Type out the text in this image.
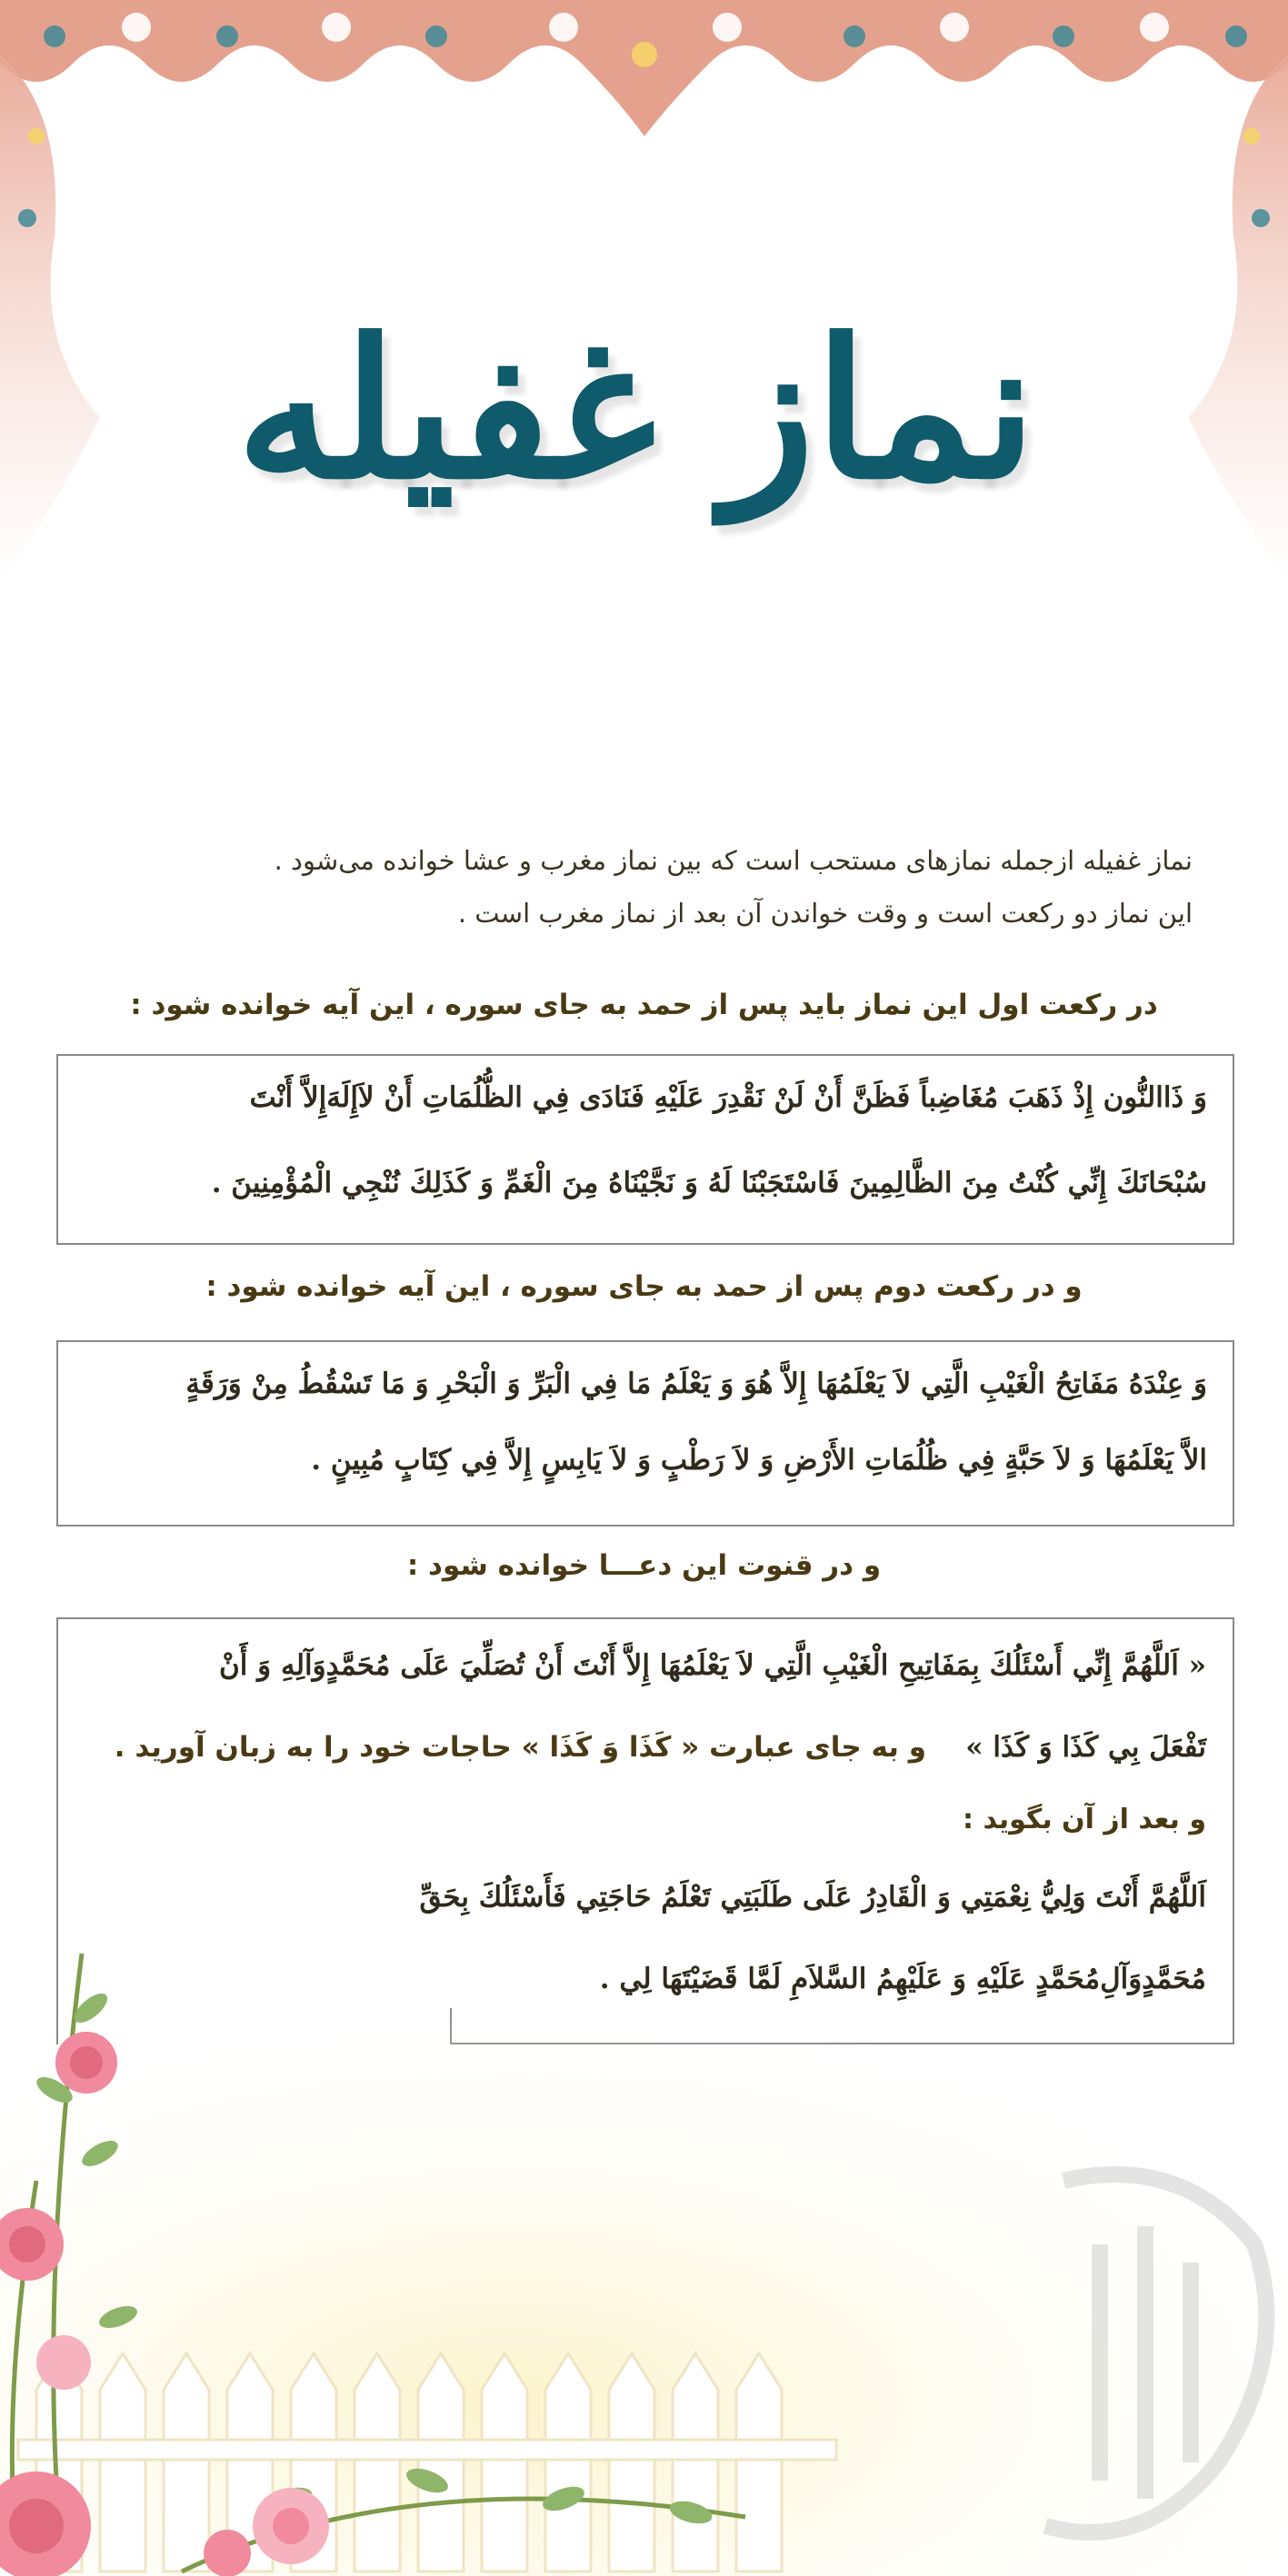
نماز غفیله

نماز غفیله ازجمله نمازهای مستحب است که بین نماز مغرب و عشا خوانده می‌شود .

این نماز دو رکعت است و وقت خواندن آن بعد از نماز مغرب است .

در رکعت اول این نماز باید پس از حمد به جای سوره ، این آیه خوانده شود :
وَ ذَاالنُّون إِذْ ذَهَبَ مُغَاضِباً فَظَنَّ أَنْ لَنْ نَقْدِرَ عَلَيْهِ فَنَادَى فِي الظُّلُمَاتِ أَنْ لاَإِلَهَ‌إِلاَّ أَنْتَ
سُبْحَانَكَ إِنِّي كُنْتُ مِنَ الظَّالِمِينَ فَاسْتَجَبْنَا لَهُ وَ نَجَّيْنَاهُ مِنَ الْغَمِّ وَ كَذَلِكَ نُنْجِي الْمُؤْمِنِينَ .
و در رکعت دوم پس از حمد به جای سوره ، این آیه خوانده شود :
وَ عِنْدَهُ مَفَاتِحُ الْغَيْبِ الَّتِي لاَ يَعْلَمُهَا إِلاَّ هُوَ وَ يَعْلَمُ مَا فِي الْبَرِّ وَ الْبَحْرِ وَ مَا تَسْقُطُ مِنْ وَرَقَةٍ
الاَّ يَعْلَمُهَا وَ لاَ حَبَّةٍ فِي ظُلُمَاتِ الأَرْضِ وَ لاَ رَطْبٍ وَ لاَ يَابِسٍ إِلاَّ فِي كِتَابٍ مُبِينٍ .
و در قنوت این دعـــا خوانده شود :
« اَللَّهُمَّ إِنِّي أَسْئَلُكَ بِمَفَاتِيحِ الْغَيْبِ الَّتِي لاَ يَعْلَمُهَا إِلاَّ أَنْتَ أَنْ تُصَلِّيَ عَلَى مُحَمَّدٍوَآلِهِ وَ أَنْ
تَفْعَلَ بِي كَذَا وَ كَذَا »    و به جای عبارت « كَذَا وَ كَذَا » حاجات خود را به زبان آورید .
و بعد از آن بگوید :
اَللَّهُمَّ أَنْتَ وَلِيُّ نِعْمَتِي وَ الْقَادِرُ عَلَى طَلَبَتِي تَعْلَمُ حَاجَتِي فَأَسْئَلُكَ بِحَقِّ
مُحَمَّدٍوَآلِ‌مُحَمَّدٍ عَلَيْهِ وَ عَلَيْهِمُ السَّلاَمِ لَمَّا قَضَيْتَهَا لِي .
